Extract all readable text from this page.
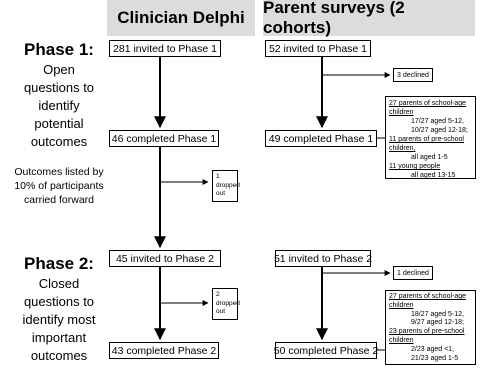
Clinician Delphi
Parent surveys (2 cohorts)
Phase 1:
Open
questions to
identify
potential
outcomes
Outcomes listed by
10% of participants
carried forward
Phase 2:
Closed
questions to
identify most
important
outcomes
281 invited to Phase 1
46 completed Phase 1
1
dropped
out
45 invited to Phase 2
2
dropped
out
43 completed Phase 2
52 invited to Phase 1
3 declined
49 completed Phase 1
27 parents of school-age
children
17/27 aged 5-12,
10/27 aged 12-18;
11 parents of pre-school
children,
all aged 1-5
11 young people
all aged 13-15
51 invited to Phase 2
1 declined
27 parents of school-age
children
18/27 aged 5-12,
9/27 aged 12-18;
23 parents of pre-school
children
2/23 aged <1,
21/23 aged 1-5
50 completed Phase 2
